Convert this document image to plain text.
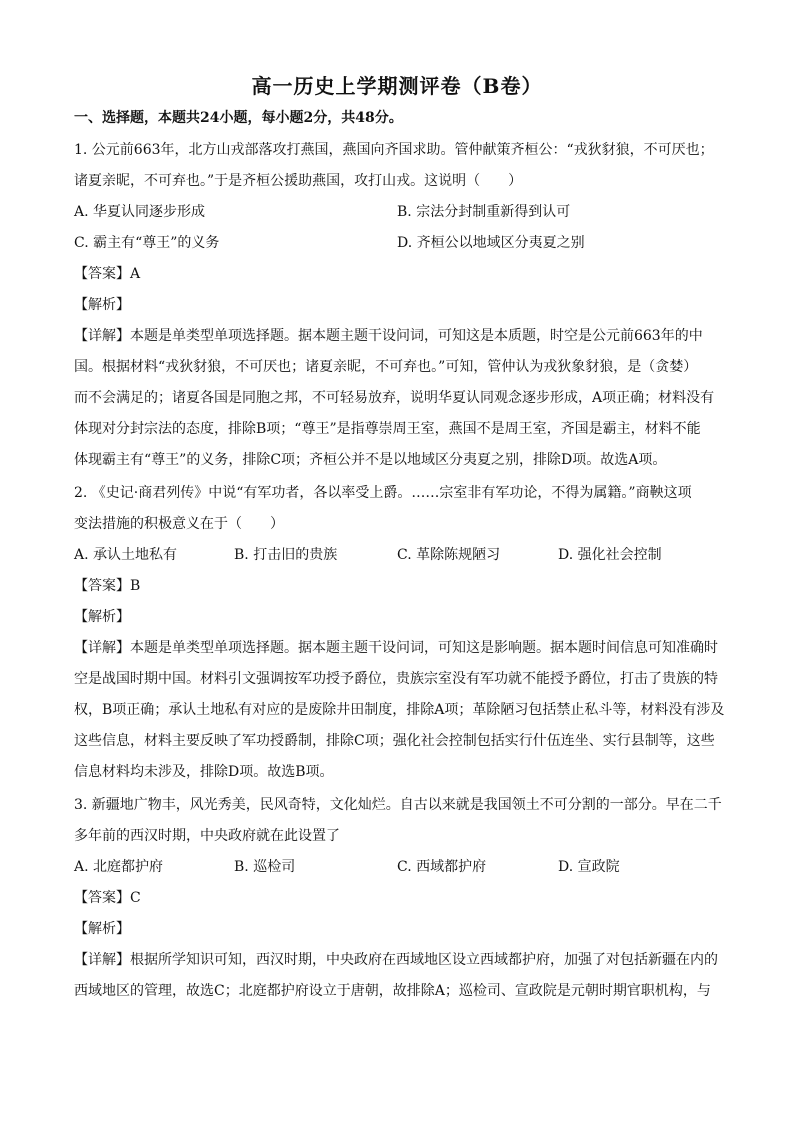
高一历史上学期测评卷（B卷）
一、选择题，本题共24小题，每小题2分，共48分。
1. 公元前663年，北方山戎部落攻打燕国，燕国向齐国求助。管仲献策齐桓公：“戎狄豺狼，不可厌也；
诸夏亲昵，不可弃也。”于是齐桓公援助燕国，攻打山戎。这说明（　　）
A. 华夏认同逐步形成	B. 宗法分封制重新得到认可
C. 霸主有“尊王”的义务	D. 齐桓公以地域区分夷夏之别
【答案】A
【解析】
【详解】本题是单类型单项选择题。据本题主题干设问词，可知这是本质题，时空是公元前663年的中
国。根据材料“戎狄豺狼，不可厌也；诸夏亲昵，不可弃也。”可知，管仲认为戎狄象豺狼，是（贪婪）
而不会满足的；诸夏各国是同胞之邦，不可轻易放弃，说明华夏认同观念逐步形成，A项正确；材料没有
体现对分封宗法的态度，排除B项；“尊王”是指尊崇周王室，燕国不是周王室，齐国是霸主，材料不能
体现霸主有“尊王”的义务，排除C项；齐桓公并不是以地域区分夷夏之别，排除D项。故选A项。
2. 《史记·商君列传》中说“有军功者，各以率受上爵。……宗室非有军功论，不得为属籍。”商鞅这项
变法措施的积极意义在于（　　）
A. 承认土地私有	B. 打击旧的贵族	C. 革除陈规陋习	D. 强化社会控制
【答案】B
【解析】
【详解】本题是单类型单项选择题。据本题主题干设问词，可知这是影响题。据本题时间信息可知准确时
空是战国时期中国。材料引文强调按军功授予爵位，贵族宗室没有军功就不能授予爵位，打击了贵族的特
权，B项正确；承认土地私有对应的是废除井田制度，排除A项；革除陋习包括禁止私斗等，材料没有涉及
这些信息，材料主要反映了军功授爵制，排除C项；强化社会控制包括实行什伍连坐、实行县制等，这些
信息材料均未涉及，排除D项。故选B项。
3. 新疆地广物丰，风光秀美，民风奇特，文化灿烂。自古以来就是我国领土不可分割的一部分。早在二千
多年前的西汉时期，中央政府就在此设置了
A. 北庭都护府	B. 巡检司	C. 西域都护府	D. 宣政院
【答案】C
【解析】
【详解】根据所学知识可知，西汉时期，中央政府在西域地区设立西域都护府，加强了对包括新疆在内的
西域地区的管理，故选C；北庭都护府设立于唐朝，故排除A；巡检司、宣政院是元朝时期官职机构，与
